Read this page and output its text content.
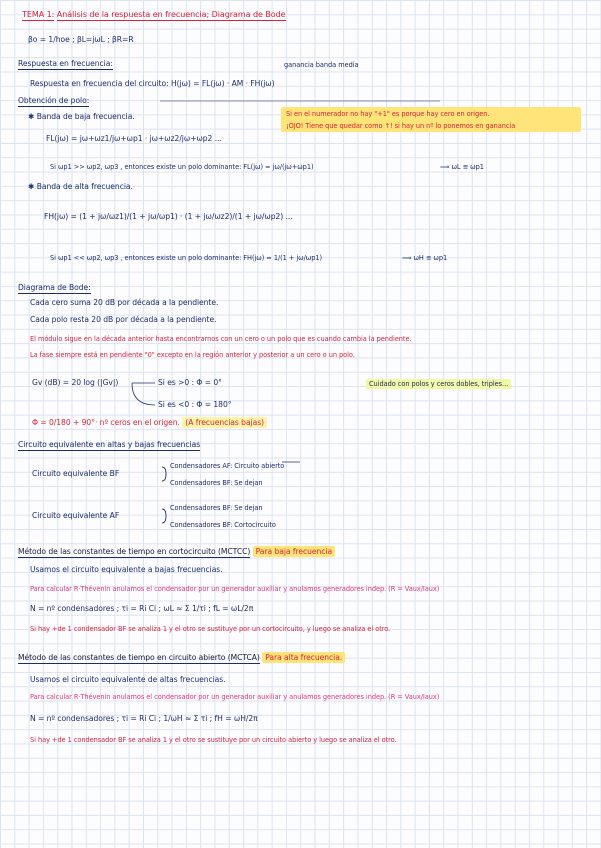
TEMA 1: Análisis de la respuesta en frecuencia; Diagrama de Bode
βo = 1/hoe ; βL=jωL ; βR=R
Respuesta en frecuencia:	ganancia banda media
Respuesta en frecuencia del circuito: H(jω) = FL(jω) · AM · FH(jω)
Obtención de polo:
Si en el numerador no hay "+1" es porque hay cero en origen.
¡OJO! Tiene que quedar como ↑! si hay un nº lo ponemos en ganancia
✱ Banda de baja frecuencia.
FL(jω) = jω+ωz1/jω+ωp1 · jω+ωz2/jω+ωp2 ...
Si ωp1 >> ωp2, ωp3 , entonces existe un polo dominante: FL(jω) ≈ jω/(jω+ωp1)	⟹ ωL ≅ ωp1
✱ Banda de alta frecuencia.
FH(jω) = (1 + jω/ωz1)/(1 + jω/ωp1) · (1 + jω/ωz2)/(1 + jω/ωp2) ...
Si ωp1 << ωp2, ωp3 , entonces existe un polo dominante: FH(jω) ≈ 1/(1 + jω/ωp1)	⟹ ωH ≅ ωp1
Diagrama de Bode:
Cada cero suma 20 dB por década a la pendiente.
Cada polo resta 20 dB por década a la pendiente.
El módulo sigue en la década anterior hasta encontrarnos con un cero o un polo que es cuando cambia la pendiente.
La fase siempre está en pendiente "0" excepto en la región anterior y posterior a un cero o un polo.
Gv (dB) = 20 log (|Gv|)	Si es >0 : Φ = 0°
Si es <0 : Φ = 180°
Cuidado con polos y ceros dobles, triples...
Φ = 0/180 + 90°· nº ceros en el origen. (A frecuencias bajas)
Circuito equivalente en altas y bajas frecuencias
Circuito equivalente BF
Condensadores AF: Circuito abierto
Condensadores BF: Se dejan
Circuito equivalente AF
Condensadores BF: Se dejan
Condensadores BF: Cortocircuito
Método de las constantes de tiempo en cortocircuito (MCTCC) Para baja frecuencia
Usamos el circuito equivalente a bajas frecuencias.
Para calcular R·Thévenin anulamos el condensador por un generador auxiliar y anulamos generadores indep. (R = Vaux/Iaux)
N = nº condensadores ; τi = Ri Ci ; ωL ≈ Σ 1/τi ; fL = ωL/2π
Si hay +de 1 condensador BF se analiza 1 y el otro se sustituye por un cortocircuito, y luego se analiza el otro.
Método de las constantes de tiempo en circuito abierto (MCTCA) Para alta frecuencia.
Usamos el circuito equivalente de altas frecuencias.
Para calcular R·Thévenin anulamos el condensador por un generador auxiliar y anulamos generadores indep. (R = Vaux/Iaux)
N = nº condensadores ; τi = Ri Ci ; 1/ωH ≈ Σ τi ; fH = ωH/2π
Si hay +de 1 condensador BF se analiza 1 y el otro se sustituye por un circuito abierto y luego se analiza el otro.
